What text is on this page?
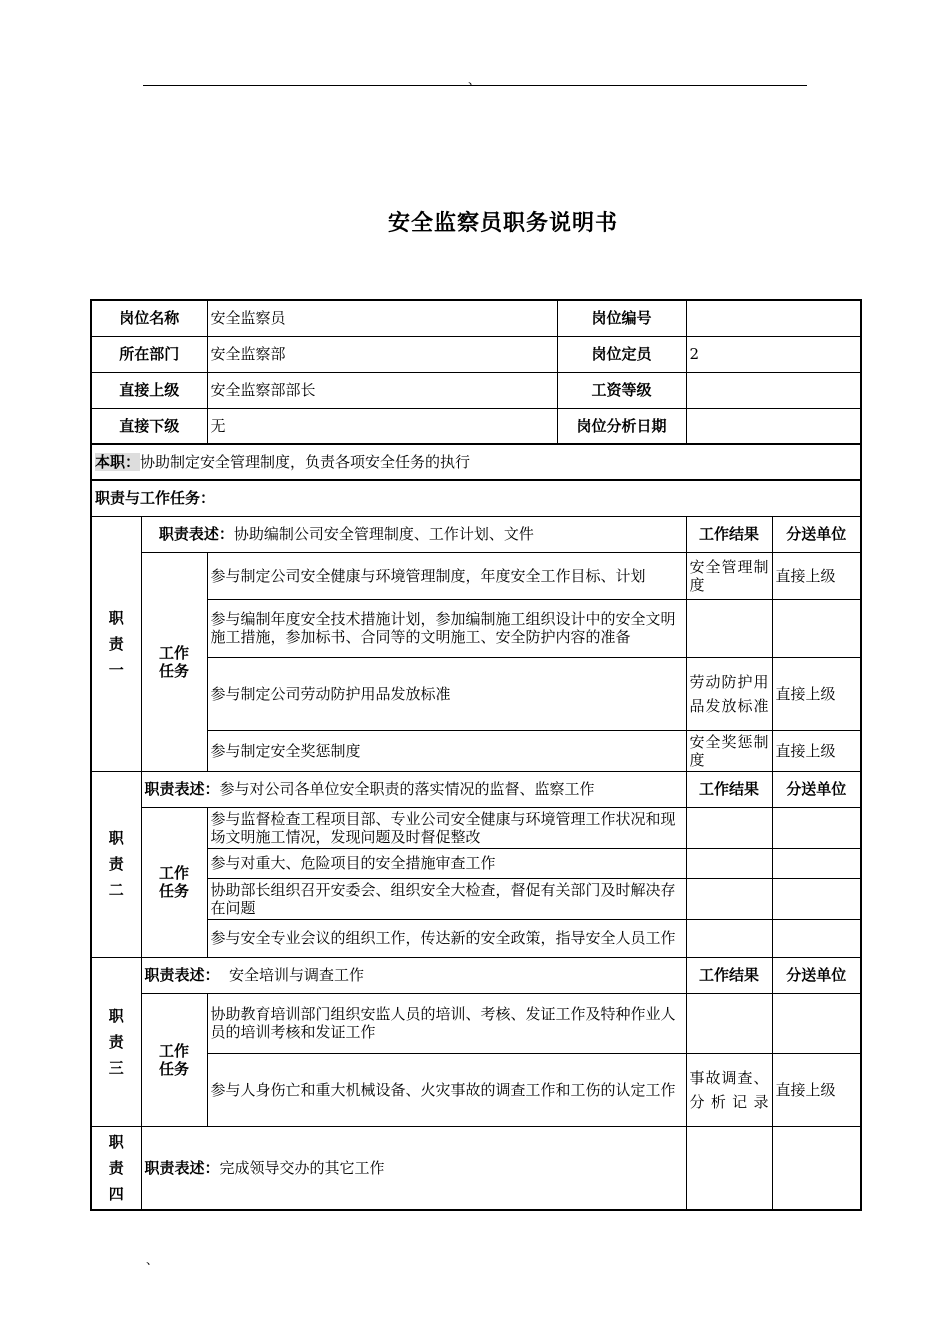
、
安全监察员职务说明书
岗位名称		安全监察员	岗位编号		
所在部门		安全监察部	岗位定员	2	
直接上级		安全监察部部长	工资等级		
直接下级		无	岗位分析日期		
本职：协助制定安全管理制度，负责各项安全任务的执行					
职责与工作任务：					
职
责
一	职责表述：协助编制公司安全管理制度、工作计划、文件			工作结果	分送单位
	工作
任务	参与制定公司安全健康与环境管理制度，年度安全工作目标、计划		安全管理制度	直接上级
		参与编制年度安全技术措施计划，参加编制施工组织设计中的安全文明施工措施，参加标书、合同等的文明施工、安全防护内容的准备			
		参与制定公司劳动防护用品发放标准		劳动防护用品发放标准	直接上级
		参与制定安全奖惩制度		安全奖惩制度	直接上级
职
责
二	职责表述：参与对公司各单位安全职责的落实情况的监督、监察工作			工作结果	分送单位
	工作
任务	参与监督检查工程项目部、专业公司安全健康与环境管理工作状况和现场文明施工情况，发现问题及时督促整改			
		参与对重大、危险项目的安全措施审查工作			
		协助部长组织召开安委会、组织安全大检查，督促有关部门及时解决存在问题			
		参与安全专业会议的组织工作，传达新的安全政策，指导安全人员工作			
职
责
三	职责表述：  安全培训与调查工作			工作结果	分送单位
	工作
任务	协助教育培训部门组织安监人员的培训、考核、发证工作及特种作业人员的培训考核和发证工作			
		参与人身伤亡和重大机械设备、火灾事故的调查工作和工伤的认定工作		事故调查、分析记录	直接上级
职
责
四	职责表述：完成领导交办的其它工作				
、
